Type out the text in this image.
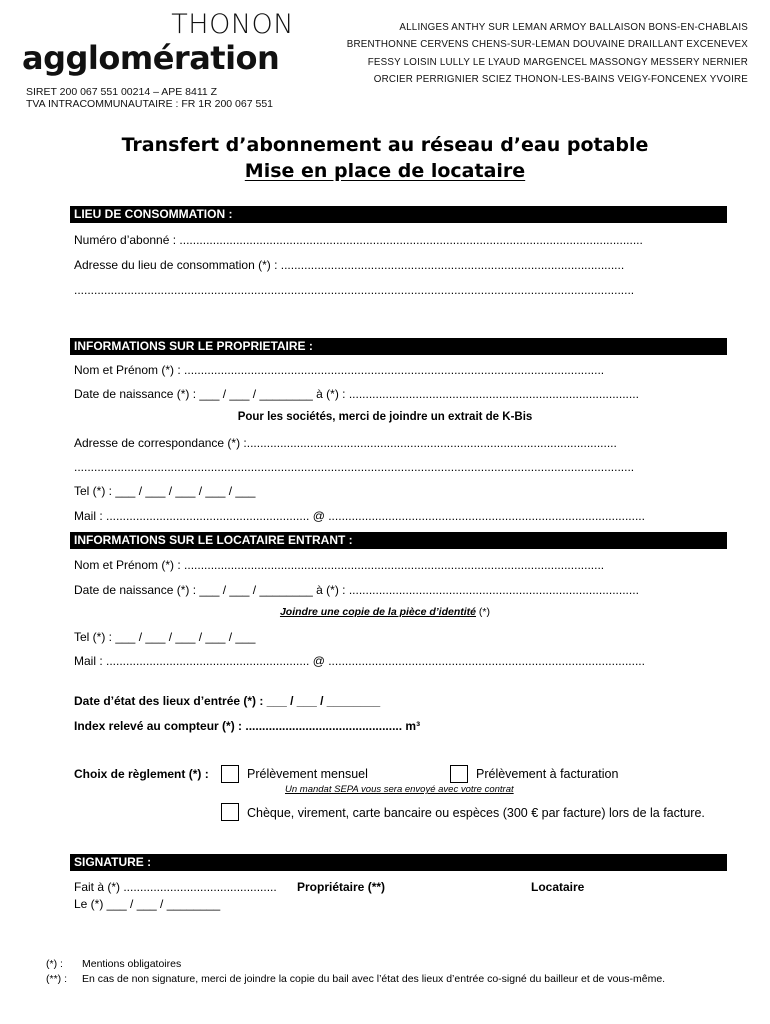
THONON
agglomération
SIRET 200 067 551 00214 – APE 8411 Z
TVA INTRACOMMUNAUTAIRE : FR 1R 200 067 551
ALLINGES ANTHY SUR LEMAN ARMOY BALLAISON BONS-EN-CHABLAIS
BRENTHONNE CERVENS CHENS-SUR-LEMAN DOUVAINE DRAILLANT EXCENEVEX
FESSY LOISIN LULLY LE LYAUD MARGENCEL MASSONGY MESSERY NERNIER
ORCIER PERRIGNIER SCIEZ THONON-LES-BAINS VEIGY-FONCENEX YVOIRE
Transfert d’abonnement au réseau d’eau potable
Mise en place de locataire
LIEU DE CONSOMMATION :
Numéro d’abonné : ...........................................................................................................................................
Adresse du lieu de consommation (*) : .......................................................................................................
........................................................................................................................................................................
INFORMATIONS SUR LE PROPRIETAIRE :
Nom et Prénom (*) : ..............................................................................................................................
Date de naissance (*) : ___ / ___ / ________ à (*) : .......................................................................................
Pour les sociétés, merci de joindre un extrait de K-Bis
Adresse de correspondance (*) :...............................................................................................................
........................................................................................................................................................................
Tel (*) : ___ / ___ / ___ / ___ / ___
Mail : ............................................................. @ ...............................................................................................
INFORMATIONS SUR LE LOCATAIRE ENTRANT :
Nom et Prénom (*) : ..............................................................................................................................
Date de naissance (*) : ___ / ___ / ________ à (*) : .......................................................................................
Joindre une copie de la pièce d’identité (*)
Tel (*) : ___ / ___ / ___ / ___ / ___
Mail : ............................................................. @ ...............................................................................................
Date d’état des lieux d’entrée (*) : ___ / ___ / ________
Index relevé au compteur (*) : ............................................... m³
Choix de règlement (*) :	Prélèvement mensuel	Prélèvement à facturation
Un mandat SEPA vous sera envoyé avec votre contrat
Chèque, virement, carte bancaire ou espèces (300 € par facture) lors de la facture.
SIGNATURE :
Fait à (*) .............................................. Propriétaire (**)	Locataire
Le (*) ___ / ___ / ________
(*) : Mentions obligatoires
(**) : En cas de non signature, merci de joindre la copie du bail avec l’état des lieux d’entrée co-signé du bailleur et de vous-même.
